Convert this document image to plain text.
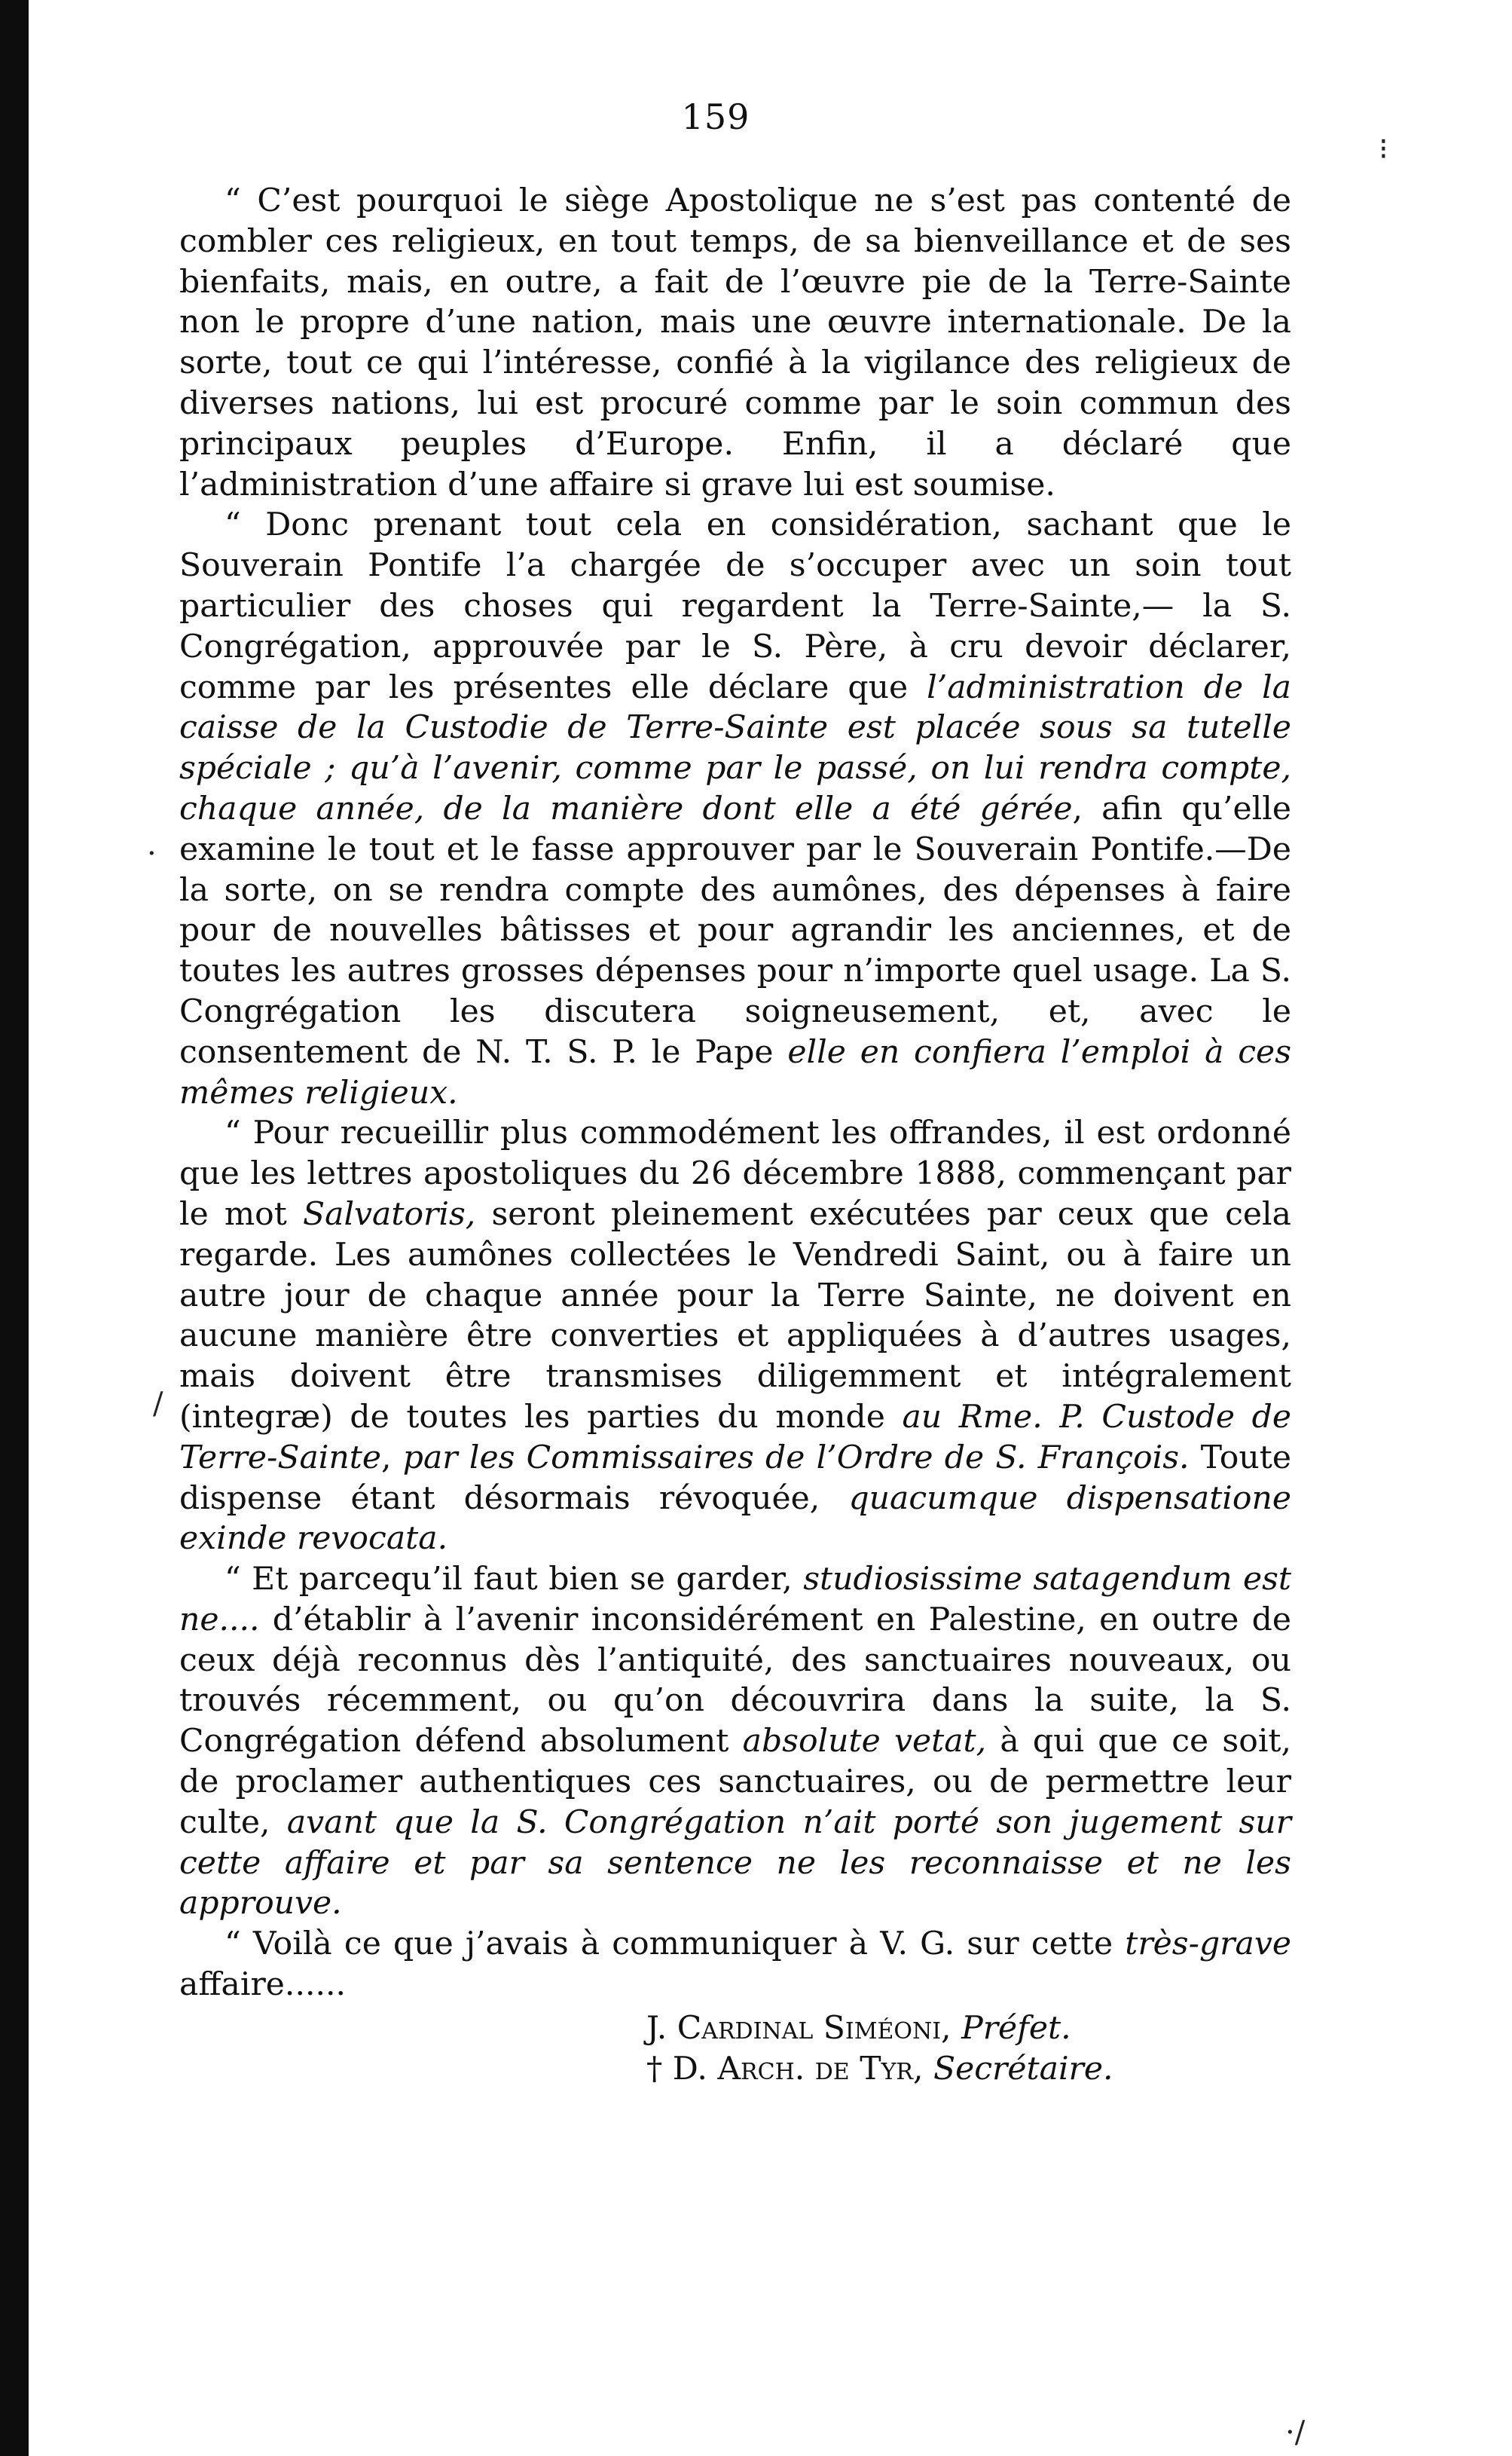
159

“ C’est pourquoi le siège Apostolique ne s’est pas contenté de combler ces religieux, en tout temps, de sa bienveillance et de ses bienfaits, mais, en outre, a fait de l’œuvre pie de la Terre-Sainte non le propre d’une nation, mais une œuvre internationale. De la sorte, tout ce qui l’intéresse, confié à la vigilance des religieux de diverses nations, lui est procuré comme par le soin commun des principaux peuples d’Europe. Enfin, il a déclaré que l’administration d’une affaire si grave lui est soumise.

“ Donc prenant tout cela en considération, sachant que le Souverain Pontife l’a chargée de s’occuper avec un soin tout particulier des choses qui regardent la Terre-Sainte,— la S. Congrégation, approuvée par le S. Père, à cru devoir déclarer, comme par les présentes elle déclare que l’administration de la caisse de la Custodie de Terre-Sainte est placée sous sa tutelle spéciale ; qu’à l’avenir, comme par le passé, on lui rendra compte, chaque année, de la manière dont elle a été gérée, afin qu’elle examine le tout et le fasse approuver par le Souverain Pontife.—De la sorte, on se rendra compte des aumônes, des dépenses à faire pour de nouvelles bâtisses et pour agrandir les anciennes, et de toutes les autres grosses dépenses pour n’importe quel usage. La S. Congrégation les discutera soigneusement, et, avec le consentement de N. T. S. P. le Pape elle en confiera l’emploi à ces mêmes religieux.

“ Pour recueillir plus commodément les offrandes, il est ordonné que les lettres apostoliques du 26 décembre 1888, commençant par le mot Salvatoris, seront pleinement exécutées par ceux que cela regarde. Les aumônes collectées le Vendredi Saint, ou à faire un autre jour de chaque année pour la Terre Sainte, ne doivent en aucune manière être converties et appliquées à d’autres usages, mais doivent être transmises diligemment et intégralement (integræ) de toutes les parties du monde au Rme. P. Custode de Terre-Sainte, par les Commissaires de l’Ordre de S. François. Toute dispense étant désormais révoquée, quacumque dispensatione exinde revocata.

“ Et parcequ’il faut bien se garder, studiosissime satagendum est ne.... d’établir à l’avenir inconsidérément en Palestine, en outre de ceux déjà reconnus dès l’antiquité, des sanctuaires nouveaux, ou trouvés récemment, ou qu’on découvrira dans la suite, la S. Congrégation défend absolument absolute vetat, à qui que ce soit, de proclamer authentiques ces sanctuaires, ou de permettre leur culte, avant que la S. Congrégation n’ait porté son jugement sur cette affaire et par sa sentence ne les reconnaisse et ne les approuve.

“ Voilà ce que j’avais à communiquer à V. G. sur cette très-grave affaire......

J. Cardinal Siméoni, Préfet.
† D. Arch. de Tyr, Secrétaire.
⁝
·
/
·/
